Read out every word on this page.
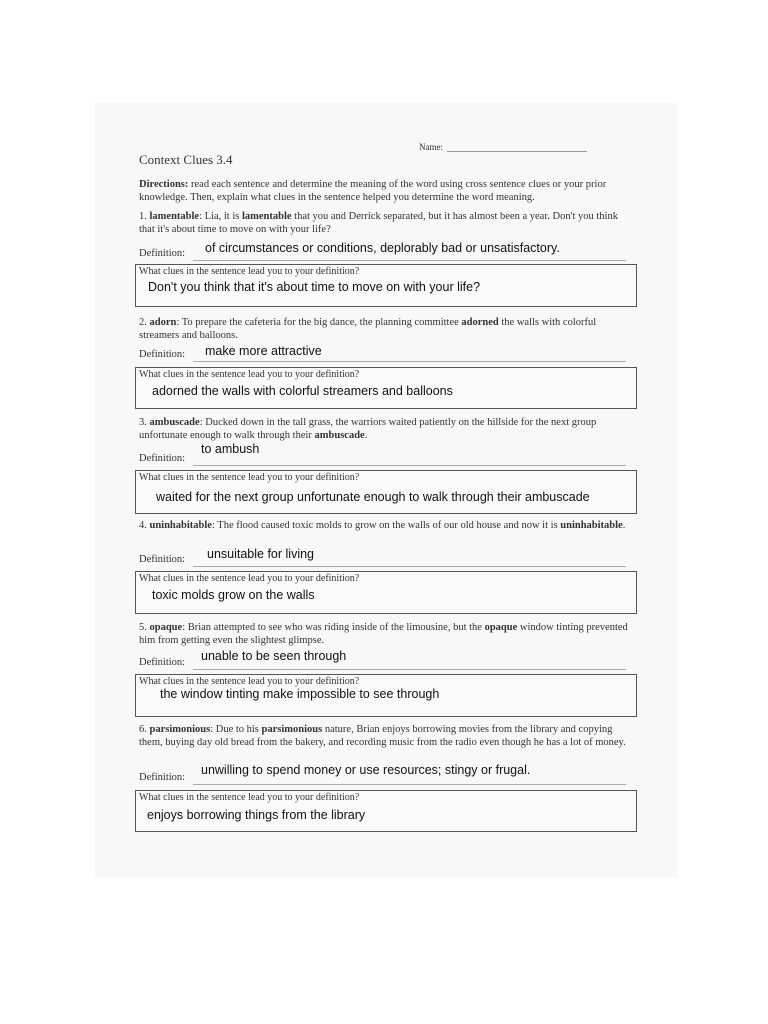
Name:
Context Clues 3.4
Directions: read each sentence and determine the meaning of the word using cross sentence clues or your prior knowledge. Then, explain what clues in the sentence helped you determine the word meaning.
1. lamentable: Lia, it is lamentable that you and Derrick separated, but it has almost been a year. Don't you think that it's about time to move on with your life?
Definition: of circumstances or conditions, deplorably bad or unsatisfactory.
What clues in the sentence lead you to your definition?
Don't you think that it's about time to move on with your life?
2. adorn: To prepare the cafeteria for the big dance, the planning committee adorned the walls with colorful streamers and balloons.
Definition: make more attractive
What clues in the sentence lead you to your definition?
adorned the walls with colorful streamers and balloons
3. ambuscade: Ducked down in the tall grass, the warriors waited patiently on the hillside for the next group unfortunate enough to walk through their ambuscade.
Definition:
to ambush
What clues in the sentence lead you to your definition?
waited for the next group unfortunate enough to walk through their ambuscade
4. uninhabitable: The flood caused toxic molds to grow on the walls of our old house and now it is uninhabitable.
Definition: unsuitable for living
What clues in the sentence lead you to your definition?
toxic molds grow on the walls
5. opaque: Brian attempted to see who was riding inside of the limousine, but the opaque window tinting prevented him from getting even the slightest glimpse.
Definition: unable to be seen through
What clues in the sentence lead you to your definition?
the window tinting make impossible to see through
6. parsimonious: Due to his parsimonious nature, Brian enjoys borrowing movies from the library and copying them, buying day old bread from the bakery, and recording music from the radio even though he has a lot of money.
Definition:
unwilling to spend money or use resources; stingy or frugal.
What clues in the sentence lead you to your definition?
enjoys borrowing things from the library
